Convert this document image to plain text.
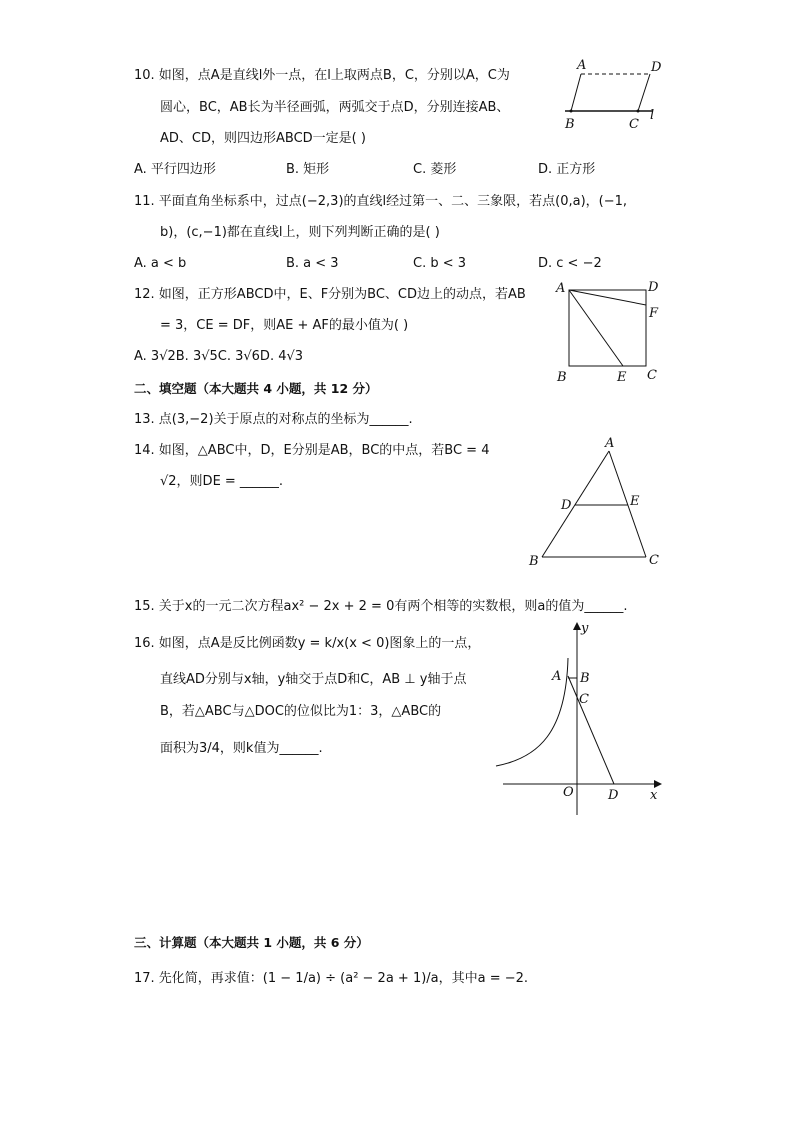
10. 如图，点A是直线l外一点，在l上取两点B，C，分别以A，C为
圆心，BC，AB长为半径画弧，两弧交于点D，分别连接AB、
AD、CD，则四边形ABCD一定是( )
A. 平行四边形	B. 矩形	C. 菱形	D. 正方形
A	D
B	C
l
11. 平面直角坐标系中，过点(−2,3)的直线l经过第一、二、三象限，若点(0,a)，(−1,
b)，(c,−1)都在直线l上，则下列判断正确的是( )
A. a < b	B. a < 3	C. b < 3	D. c < −2
12. 如图，正方形ABCD中，E、F分别为BC、CD边上的动点，若AB
= 3，CE = DF，则AE + AF的最小值为( )
A. 3√2B. 3√5C. 3√6D. 4√3
A	D
F
B	E C
二、填空题（本大题共 4 小题，共 12 分）
13. 点(3,−2)关于原点的对称点的坐标为______.
14. 如图，△ABC中，D，E分别是AB，BC的中点，若BC = 4
√2，则DE = ______.
A
D	E
B	C
15. 关于x的一元二次方程ax² − 2x + 2 = 0有两个相等的实数根，则a的值为______.
16. 如图，点A是反比例函数y = k/x(x < 0)图象上的一点，
直线AD分别与x轴，y轴交于点D和C，AB ⊥ y轴于点
B，若△ABC与△DOC的位似比为1：3，△ABC的
面积为3/4，则k值为______.
y
x
O
A B
C
D
三、计算题（本大题共 1 小题，共 6 分）
17. 先化简，再求值：(1 − 1/a) ÷ (a² − 2a + 1)/a，其中a = −2.
